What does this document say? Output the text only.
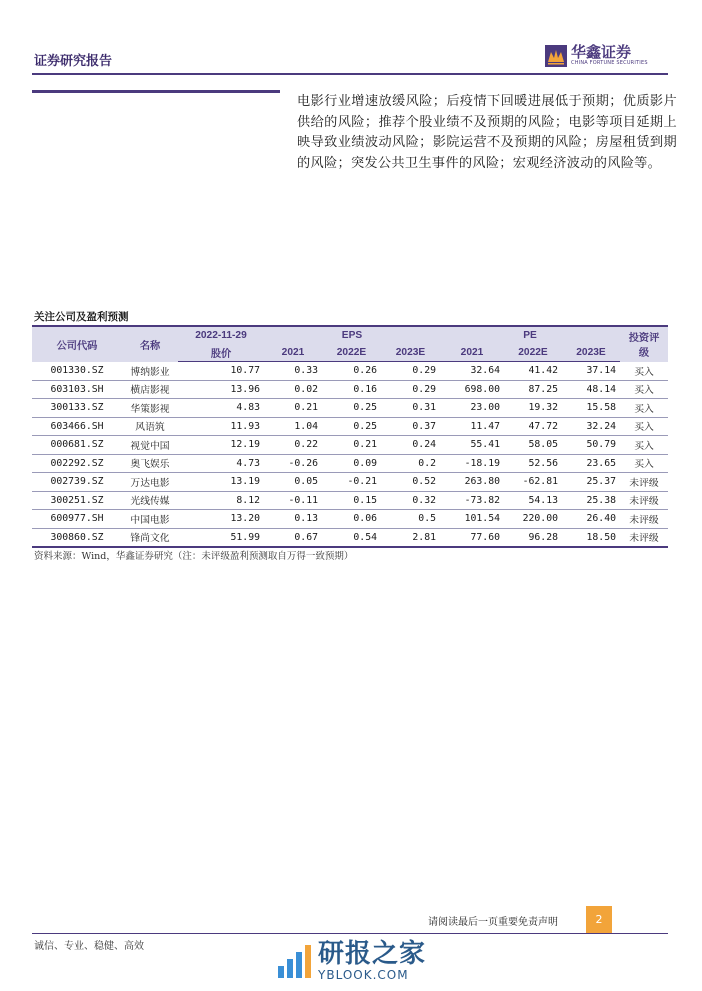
证券研究报告
华鑫证券
CHINA FORTUNE SECURITIES
电影行业增速放缓风险；后疫情下回暖进展低于预期；优质影片供给的风险；推荐个股业绩不及预期的风险；电影等项目延期上映导致业绩波动风险；影院运营不及预期的风险；房屋租赁到期的风险；突发公共卫生事件的风险；宏观经济波动的风险等。
关注公司及盈利预测
公司代码	名称	2022-11-29	EPS			PE			投资评级
		股价	2021	2022E	2023E	2021	2022E	2023E	
001330.SZ	博纳影业	10.77	0.33	0.26	0.29	32.64	41.42	37.14	买入
603103.SH	横店影视	13.96	0.02	0.16	0.29	698.00	87.25	48.14	买入
300133.SZ	华策影视	4.83	0.21	0.25	0.31	23.00	19.32	15.58	买入
603466.SH	风语筑	11.93	1.04	0.25	0.37	11.47	47.72	32.24	买入
000681.SZ	视觉中国	12.19	0.22	0.21	0.24	55.41	58.05	50.79	买入
002292.SZ	奥飞娱乐	4.73	-0.26	0.09	0.2	-18.19	52.56	23.65	买入
002739.SZ	万达电影	13.19	0.05	-0.21	0.52	263.80	-62.81	25.37	未评级
300251.SZ	光线传媒	8.12	-0.11	0.15	0.32	-73.82	54.13	25.38	未评级
600977.SH	中国电影	13.20	0.13	0.06	0.5	101.54	220.00	26.40	未评级
300860.SZ	锋尚文化	51.99	0.67	0.54	2.81	77.60	96.28	18.50	未评级
资料来源：Wind，华鑫证券研究（注：未评级盈利预测取自万得一致预期）
请阅读最后一页重要免责声明	2
诚信、专业、稳健、高效	研报之家
YBLOOK.COM
